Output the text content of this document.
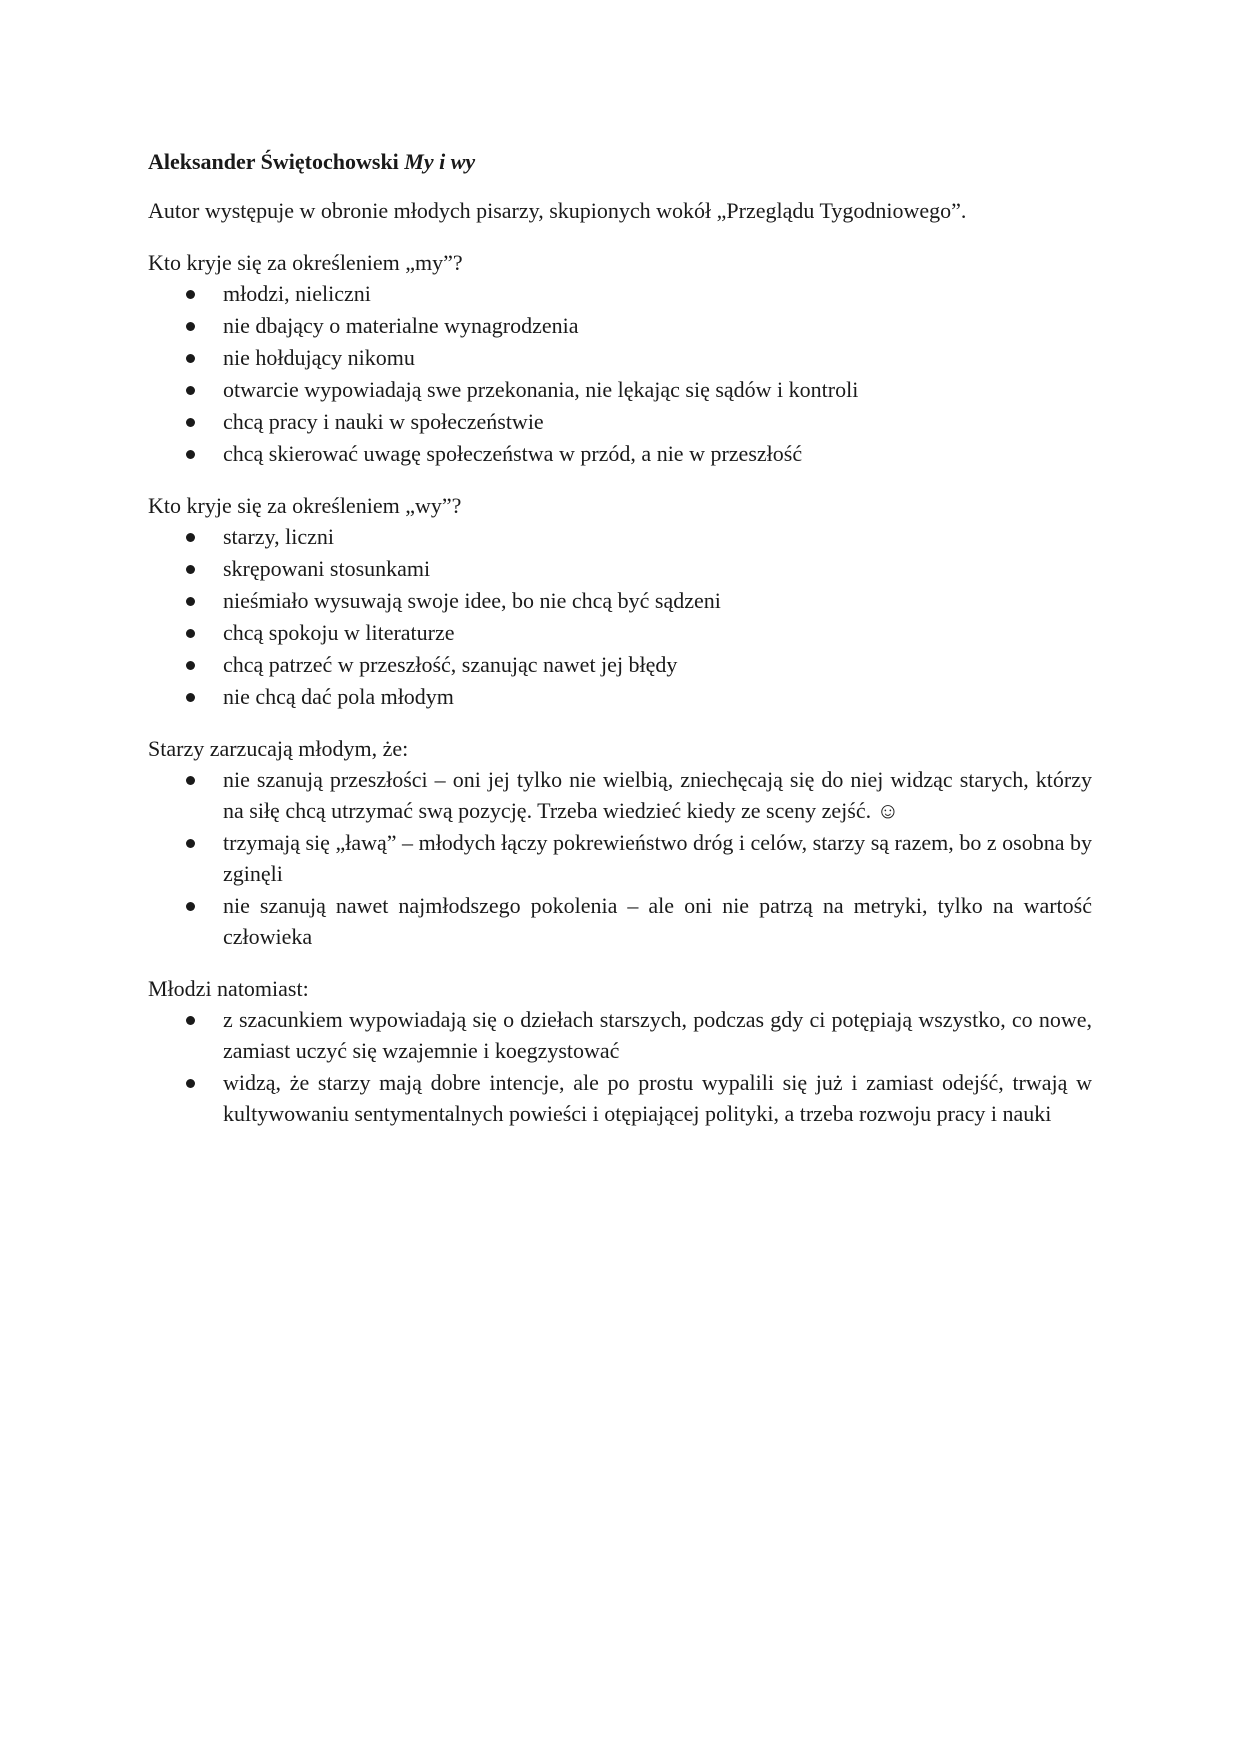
Aleksander Świętochowski My i wy

Autor występuje w obronie młodych pisarzy, skupionych wokół „Przeglądu Tygodniowego”.

Kto kryje się za określeniem „my”?

młodzi, nieliczni
nie dbający o materialne wynagrodzenia
nie hołdujący nikomu
otwarcie wypowiadają swe przekonania, nie lękając się sądów i kontroli
chcą pracy i nauki w społeczeństwie
chcą skierować uwagę społeczeństwa w przód, a nie w przeszłość

Kto kryje się za określeniem „wy”?

starzy, liczni
skrępowani stosunkami
nieśmiało wysuwają swoje idee, bo nie chcą być sądzeni
chcą spokoju w literaturze
chcą patrzeć w przeszłość, szanując nawet jej błędy
nie chcą dać pola młodym

Starzy zarzucają młodym, że:

nie szanują przeszłości – oni jej tylko nie wielbią, zniechęcają się do niej widząc starych, którzy na siłę chcą utrzymać swą pozycję. Trzeba wiedzieć kiedy ze sceny zejść. ☺
trzymają się „ławą” – młodych łączy pokrewieństwo dróg i celów, starzy są razem, bo z osobna by zginęli
nie szanują nawet najmłodszego pokolenia – ale oni nie patrzą na metryki, tylko na wartość człowieka

Młodzi natomiast:

z szacunkiem wypowiadają się o dziełach starszych, podczas gdy ci potępiają wszystko, co nowe, zamiast uczyć się wzajemnie i koegzystować
widzą, że starzy mają dobre intencje, ale po prostu wypalili się już i zamiast odejść, trwają w kultywowaniu sentymentalnych powieści i otępiającej polityki, a trzeba rozwoju pracy i nauki
